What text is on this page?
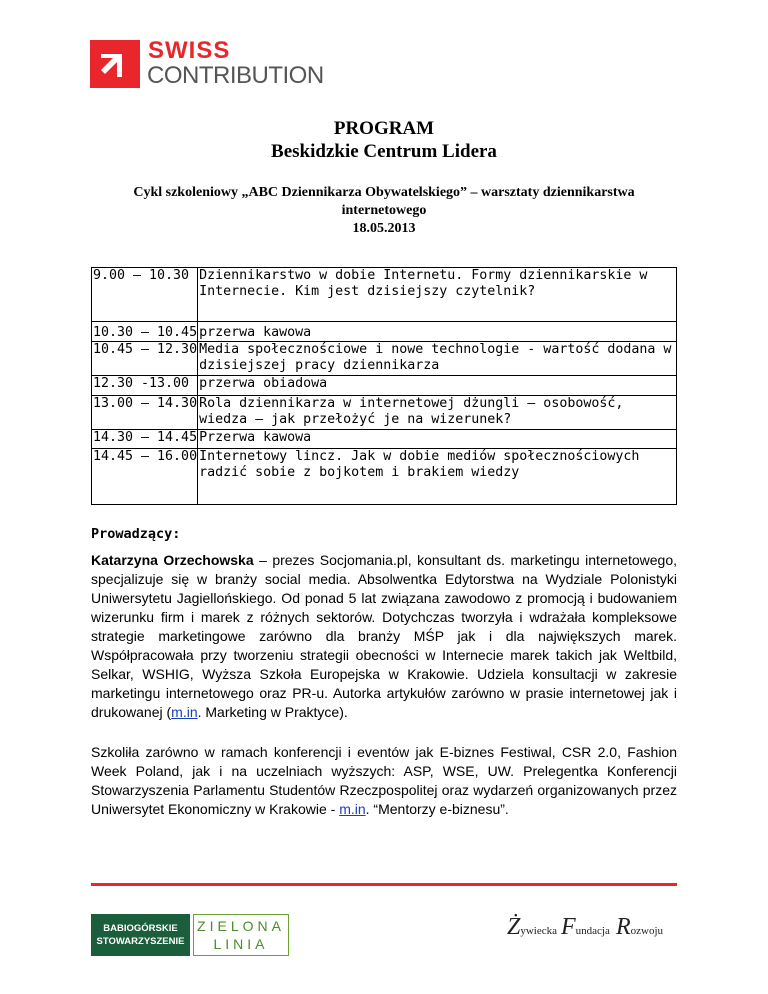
SWISS
CONTRIBUTION
PROGRAM
Beskidzkie Centrum Lidera
Cykl szkoleniowy „ABC Dziennikarza Obywatelskiego” – warsztaty dziennikarstwa
internetowego
18.05.2013
9.00 – 10.30	Dziennikarstwo w dobie Internetu. Formy dziennikarskie w Internecie. Kim jest dzisiejszy czytelnik?
10.30 – 10.45	przerwa kawowa
10.45 – 12.30	Media społecznościowe i nowe technologie - wartość dodana w dzisiejszej pracy dziennikarza
12.30 -13.00	przerwa obiadowa
13.00 – 14.30	Rola dziennikarza w internetowej dżungli – osobowość, wiedza – jak przełożyć je na wizerunek?
14.30 – 14.45	Przerwa kawowa
14.45 – 16.00	Internetowy lincz. Jak w dobie mediów społecznościowych radzić sobie z bojkotem i brakiem wiedzy
Prowadzący:
Katarzyna Orzechowska – prezes Socjomania.pl, konsultant ds. marketingu internetowego, specjalizuje się w branży social media. Absolwentka Edytorstwa na Wydziale Polonistyki Uniwersytetu Jagiellońskiego. Od ponad 5 lat związana zawodowo z promocją i budowaniem wizerunku firm i marek z różnych sektorów. Dotychczas tworzyła i wdrażała kompleksowe strategie marketingowe zarówno dla branży MŚP jak i dla największych marek. Współpracowała przy tworzeniu strategii obecności w Internecie marek takich jak Weltbild, Selkar, WSHIG, Wyższa Szkoła Europejska w Krakowie. Udziela konsultacji w zakresie marketingu internetowego oraz PR-u. Autorka artykułów zarówno w prasie internetowej jak i drukowanej (m.in. Marketing w Praktyce).
Szkoliła zarówno w ramach konferencji i eventów jak E-biznes Festiwal, CSR 2.0, Fashion Week Poland, jak i na uczelniach wyższych: ASP, WSE, UW. Prelegentka Konferencji Stowarzyszenia Parlamentu Studentów Rzeczpospolitej oraz wydarzeń organizowanych przez Uniwersytet Ekonomiczny w Krakowie - m.in. “Mentorzy e-biznesu”.
BABIOGÓRSKIE
STOWARZYSZENIE
ZIELONA
LINIA
Żywiecka Fundacja Rozwoju
